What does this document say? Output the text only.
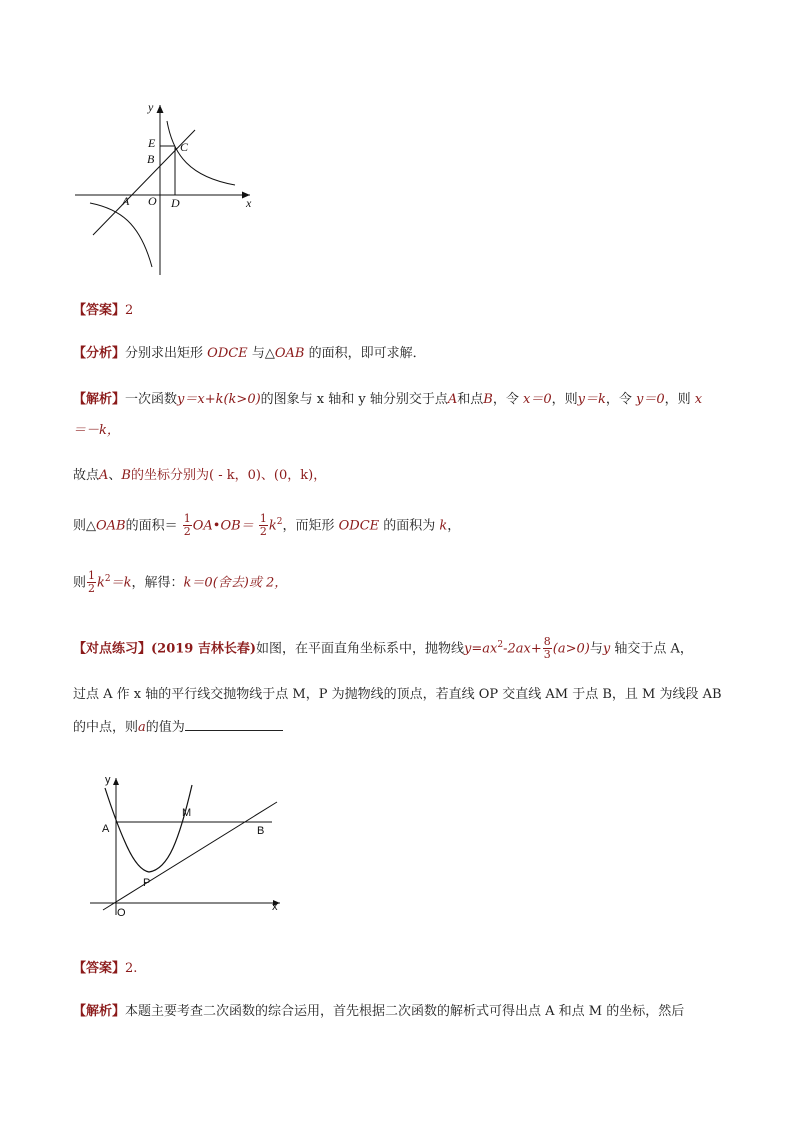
y
x
E
B
C
A O D
【答案】2
【分析】分别求出矩形 ODCE 与△OAB 的面积，即可求解．
【解析】一次函数y＝x+k(k>0)的图象与 x 轴和 y 轴分别交于点A和点B，令 x＝0，则y＝k，令 y＝0，则 x
＝－k，
故点A、B的坐标分别为( - k，0)、(0，k)，
则△OAB的面积＝ $\frac{1}{2}$ OA•OB＝ $\frac{1}{2} k^2$，而矩形 ODCE 的面积为 k，
则 $\frac{1}{2} k^2=k$，解得：k＝0(舍去)或 2，
【对点练习】(2019 吉林长春)如图，在平面直角坐标系中，抛物线$y=ax^2-2ax+ \frac{8}{3} (a>0)$与y 轴交于点 A，
过点 A 作 x 轴的平行线交抛物线于点 M，P 为抛物线的顶点，若直线 OP 交直线 AM 于点 B，且 M 为线段 AB
的中点，则a的值为
y
x
A	B
M
P
O
【答案】2.
【解析】本题主要考查二次函数的综合运用，首先根据二次函数的解析式可得出点 A 和点 M 的坐标，然后
